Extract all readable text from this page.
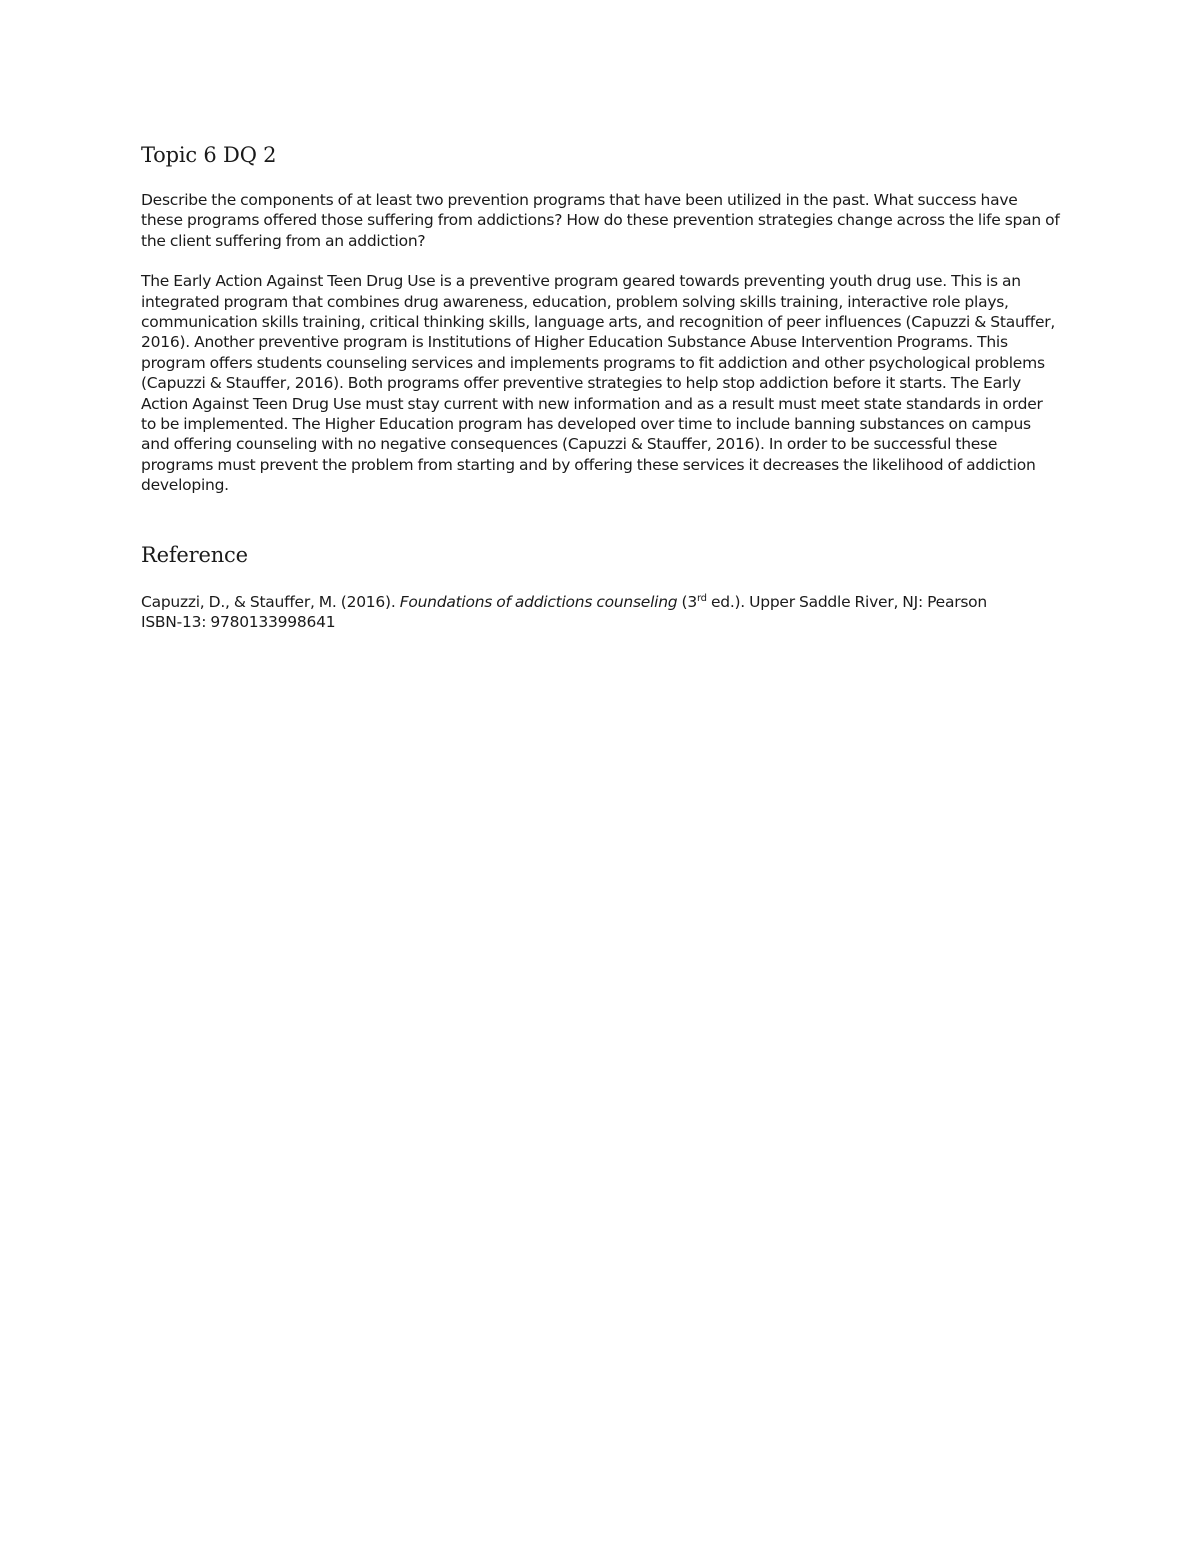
Topic 6 DQ 2

Describe the components of at least two prevention programs that have been utilized in the past. What success have these programs offered those suffering from addictions? How do these prevention strategies change across the life span of the client suffering from an addiction?

The Early Action Against Teen Drug Use is a preventive program geared towards preventing youth drug use. This is an integrated program that combines drug awareness, education, problem solving skills training, interactive role plays, communication skills training, critical thinking skills, language arts, and recognition of peer influences (Capuzzi & Stauffer, 2016). Another preventive program is Institutions of Higher Education Substance Abuse Intervention Programs. This program offers students counseling services and implements programs to fit addiction and other psychological problems (Capuzzi & Stauffer, 2016). Both programs offer preventive strategies to help stop addiction before it starts. The Early Action Against Teen Drug Use must stay current with new information and as a result must meet state standards in order to be implemented. The Higher Education program has developed over time to include banning substances on campus and offering counseling with no negative consequences (Capuzzi & Stauffer, 2016). In order to be successful these programs must prevent the problem from starting and by offering these services it decreases the likelihood of addiction developing.

Reference

Capuzzi, D., & Stauffer, M. (2016). Foundations of addictions counseling (3rd ed.). Upper Saddle River, NJ: Pearson
ISBN-13: 9780133998641
